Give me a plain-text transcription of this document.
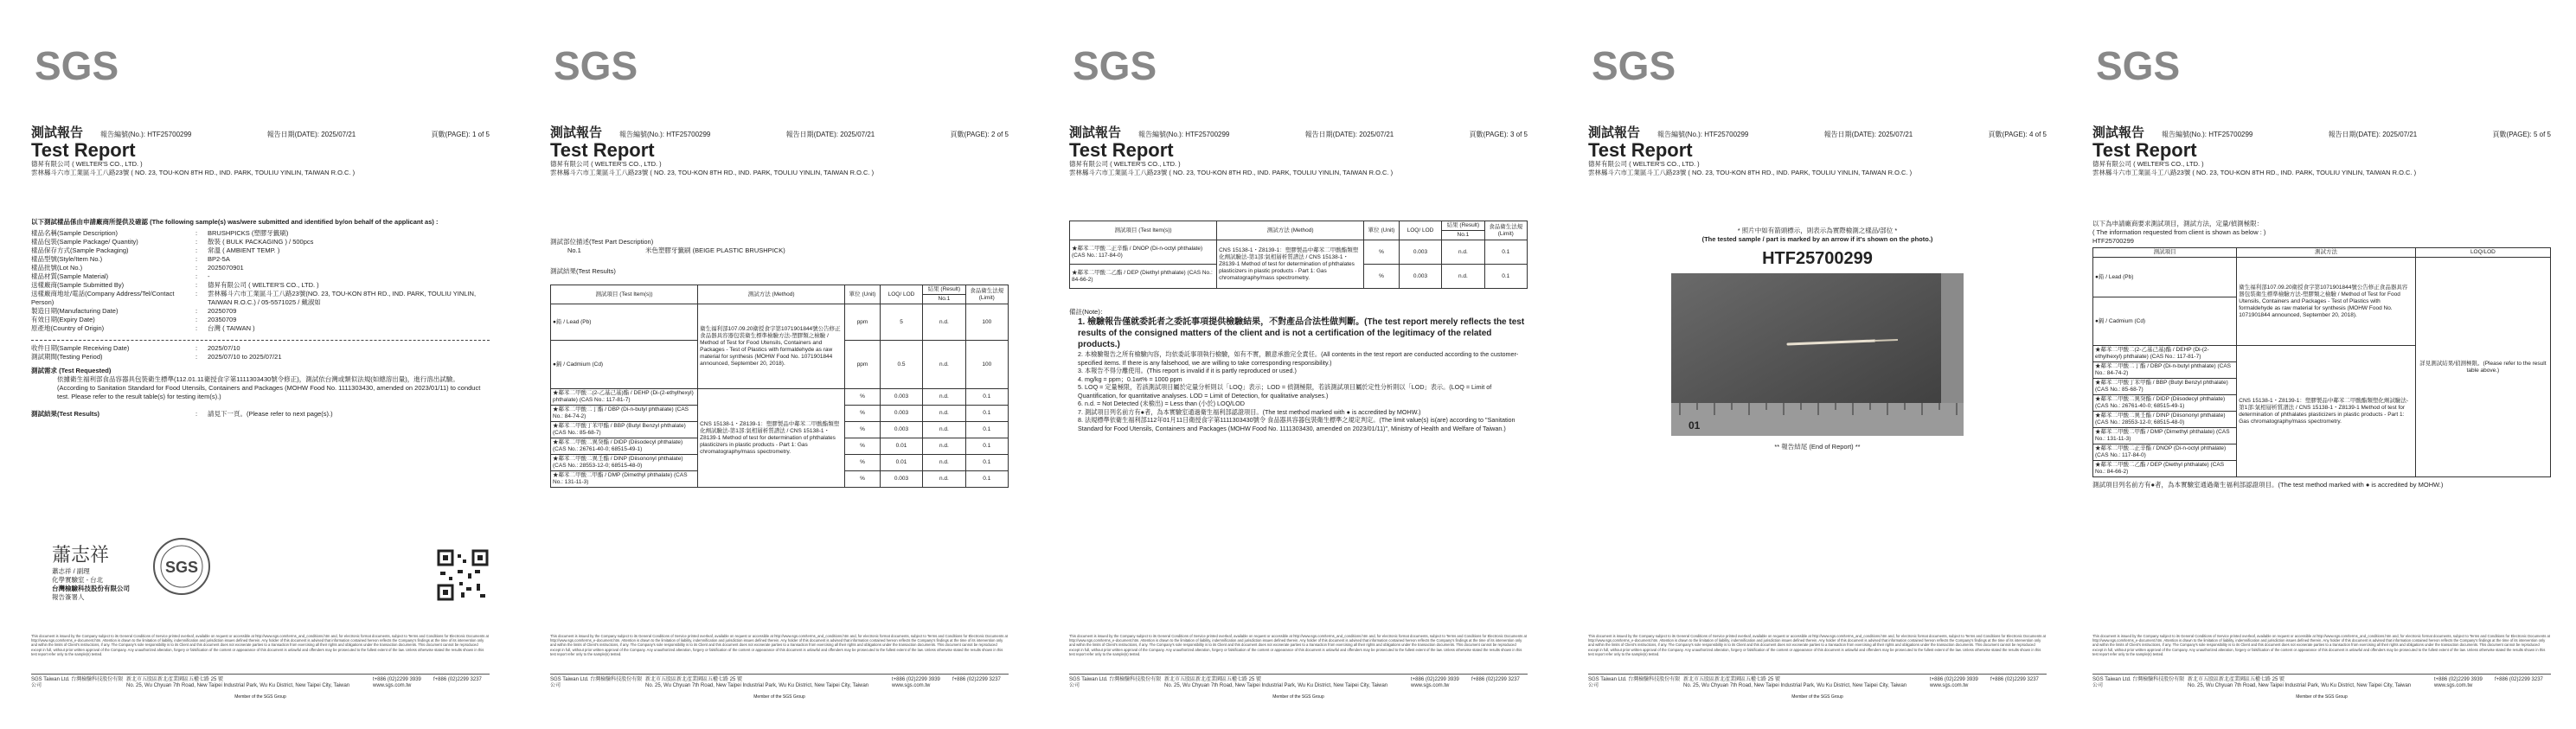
SGS
測試報告	報告編號(No.): HTF25700299	報告日期(DATE): 2025/07/21	頁數(PAGE): 1 of 5
Test Report
德昇有限公司 ( WELTER'S CO., LTD. )
雲林縣斗六市工業區斗工八路23號 ( NO. 23, TOU-KON 8TH RD., IND. PARK, TOULIU YINLIN, TAIWAN R.O.C. )
以下測試樣品係由申請廠商所提供及確認 (The following sample(s) was/were submitted and identified by/on behalf of the applicant as) :
樣品名稱(Sample Description)	:	BRUSHPICKS (塑膠牙籤刷)
樣品包裝(Sample Package/ Quantity)	:	散裝 ( BULK PACKAGING ) / 500pcs
樣品保存方式(Sample Packaging)	:	常溫 ( AMBIENT TEMP. )
樣品型號(Style/Item No.)	:	BP2-5A
樣品批號(Lot No.)	:	2025070901
樣品材質(Sample Material)	:	-
送樣廠商(Sample Submitted By)	:	德昇有限公司 ( WELTER'S CO., LTD. )
送樣廠商地址/電話(Company Address/Tel/Contact Person)
:	雲林縣斗六市工業區斗工八路23號(NO. 23, TOU-KON 8TH RD., IND. PARK, TOULIU YINLIN, TAIWAN R.O.C.) / 05-5571025 / 戴淑如
製造日期(Manufacturing Date)	:	20250709
有效日期(Expiry Date)	:	20350709
原產地(Country of Origin)	:	台灣 ( TAIWAN )
收件日期(Sample Receiving Date)	:	2025/07/10
測試期間(Testing Period)	:	2025/07/10 to 2025/07/21
測試需求 (Test Requested)
依據衛生福利部食品容器具包裝衛生標準(112.01.11衛授食字第1111303430號令修正)，測試依台灣或類似法規(如總溶出量)，進行溶出試驗。(According to Sanitation Standard for Food Utensils, Containers and Packages (MOHW Food No. 1111303430, amended on 2023/01/11) to conduct test. Please refer to the result table(s) for testing item(s).)
測試結果(Test Results)	:	請見下一頁。(Please refer to next page(s).)
蕭志祥
蕭志祥 / 副理
化學實驗室 - 台北
台灣檢驗科技股份有限公司
報告簽署人
SGS
This document is issued by the Company subject to its General Conditions of Service printed overleaf, available on request or accessible at http://www.sgs.com/terms_and_conditions.htm and, for electronic format documents, subject to Terms and Conditions for Electronic Documents at http://www.sgs.com/terms_e-document.htm. Attention is drawn to the limitation of liability, indemnification and jurisdiction issues defined therein. Any holder of this document is advised that information contained hereon reflects the Company's findings at the time of its intervention only and within the limits of Client's instructions, if any. The Company's sole responsibility is to its Client and this document does not exonerate parties to a transaction from exercising all their rights and obligations under the transaction documents. This document cannot be reproduced except in full, without prior written approval of the Company. Any unauthorized alteration, forgery or falsification of the content or appearance of this document is unlawful and offenders may be prosecuted to the fullest extent of the law. Unless otherwise stated the results shown in this test report refer only to the sample(s) tested.
SGS Taiwan Ltd. 台灣檢驗科技股份有限公司
新北市五股區新北產業園區五權七路 25 號
No. 25, Wu Chyuan 7th Road, New Taipei Industrial Park, Wu Ku District, New Taipei City, Taiwan
t+886 (02)2299 3939
www.sgs.com.tw
f+886 (02)2299 3237
Member of the SGS Group
SGS
測試報告	報告編號(No.): HTF25700299	報告日期(DATE): 2025/07/21	頁數(PAGE): 2 of 5
Test Report
德昇有限公司 ( WELTER'S CO., LTD. )
雲林縣斗六市工業區斗工八路23號 ( NO. 23, TOU-KON 8TH RD., IND. PARK, TOULIU YINLIN, TAIWAN R.O.C. )
測試部位描述(Test Part Description)
No.1	米色塑膠牙籤刷 (BEIGE PLASTIC BRUSHPICK)
測試結果(Test Results)
測試項目 (Test Item(s))	測試方法 (Method)	單位 (Unit)	LOQ/ LOD	結果 (Result)	食品衛生法規 (Limit)
				No.1	
●鉛 / Lead (Pb)	衛生福利部107.09.20衛授食字第1071901844號公告修正食品器具容器包裝衛生標準檢驗方法-塑膠類之檢驗 / Method of Test for Food Utensils, Containers and Packages - Test of Plastics with formaldehyde as raw material for synthesis (MOHW Food No. 1071901844 announced, September 20, 2018).	ppm	5	n.d.	100
●鎘 / Cadmium (Cd)		ppm	0.5	n.d.	100
★鄰苯二甲酸二(2-乙基己基)酯 / DEHP (Di-(2-ethylhexyl) phthalate) (CAS No.: 117-81-7)	CNS 15138-1・Z8139-1：塑膠製品中鄰苯二甲酸酯類塑化劑試驗法-第1部:氣相層析質譜法 / CNS 15138-1・Z8139-1 Method of test for determination of phthalates plasticizers in plastic products - Part 1: Gas chromatography/mass spectrometry.	%	0.003	n.d.	0.1
★鄰苯二甲酸二丁酯 / DBP (Di-n-butyl phthalate) (CAS No.: 84-74-2)		%	0.003	n.d.	0.1
★鄰苯二甲酸丁苯甲酯 / BBP (Butyl Benzyl phthalate) (CAS No.: 85-68-7)		%	0.003	n.d.	0.1
★鄰苯二甲酸二異癸酯 / DIDP (Diisodecyl phthalate) (CAS No.: 26761-40-0; 68515-49-1)		%	0.01	n.d.	0.1
★鄰苯二甲酸二異壬酯 / DINP (Diisononyl phthalate) (CAS No.: 28553-12-0; 68515-48-0)		%	0.01	n.d.	0.1
★鄰苯二甲酸二甲酯 / DMP (Dimethyl phthalate) (CAS No.: 131-11-3)		%	0.003	n.d.	0.1
This document is issued by the Company subject to its General Conditions of Service printed overleaf, available on request or accessible at http://www.sgs.com/terms_and_conditions.htm and, for electronic format documents, subject to Terms and Conditions for Electronic Documents at http://www.sgs.com/terms_e-document.htm. Attention is drawn to the limitation of liability, indemnification and jurisdiction issues defined therein. Any holder of this document is advised that information contained hereon reflects the Company's findings at the time of its intervention only and within the limits of Client's instructions, if any. The Company's sole responsibility is to its Client and this document does not exonerate parties to a transaction from exercising all their rights and obligations under the transaction documents. This document cannot be reproduced except in full, without prior written approval of the Company. Any unauthorized alteration, forgery or falsification of the content or appearance of this document is unlawful and offenders may be prosecuted to the fullest extent of the law. Unless otherwise stated the results shown in this test report refer only to the sample(s) tested.
SGS Taiwan Ltd. 台灣檢驗科技股份有限公司
新北市五股區新北產業園區五權七路 25 號
No. 25, Wu Chyuan 7th Road, New Taipei Industrial Park, Wu Ku District, New Taipei City, Taiwan
t+886 (02)2299 3939
www.sgs.com.tw
f+886 (02)2299 3237
Member of the SGS Group
SGS
測試報告	報告編號(No.): HTF25700299	報告日期(DATE): 2025/07/21	頁數(PAGE): 3 of 5
Test Report
德昇有限公司 ( WELTER'S CO., LTD. )
雲林縣斗六市工業區斗工八路23號 ( NO. 23, TOU-KON 8TH RD., IND. PARK, TOULIU YINLIN, TAIWAN R.O.C. )
測試項目 (Test Item(s))	測試方法 (Method)	單位 (Unit)	LOQ/ LOD	結果 (Result)	食品衛生法規 (Limit)
				No.1	
★鄰苯二甲酸二正辛酯 / DNOP (Di-n-octyl phthalate) (CAS No.: 117-84-0)	CNS 15138-1・Z8139-1：塑膠製品中鄰苯二甲酸酯類塑化劑試驗法-第1部:氣相層析質譜法 / CNS 15138-1・Z8139-1 Method of test for determination of phthalates plasticizers in plastic products - Part 1: Gas chromatography/mass spectrometry.	%	0.003	n.d.	0.1
★鄰苯二甲酸二乙酯 / DEP (Diethyl phthalate) (CAS No.: 84-66-2)		%	0.003	n.d.	0.1
備註(Note)：
1. 檢驗報告僅就委託者之委託事項提供檢驗結果，不對產品合法性做判斷。(The test report merely reflects the test results of the consigned matters of the client and is not a certification of the legitimacy of the related products.)
2. 本檢驗報告之所有檢驗內容，均依委託事項執行檢驗，如有不實，願意承擔完全責任。(All contents in the test report are conducted according to the customer-specified items. If there is any falsehood, we are willing to take corresponding responsibility.)
3. 本報告不得分離使用。(This report is invalid if it is partly reproduced or used.)
4. mg/kg = ppm；0.1wt% = 1000 ppm
5. LOQ = 定量極限，若該測試項目屬於定量分析則以「LOQ」表示；LOD = 偵測極限，若該測試項目屬於定性分析則以「LOD」表示。(LOQ = Limit of Quantification, for quantitative analyses. LOD = Limit of Detection, for qualitative analyses.)
6. n.d. = Not Detected (未檢出) = Less than (小於) LOQ/LOD
7. 測試項目列名前方有●者，為本實驗室通過衛生福利部認證項目。(The test method marked with ● is accredited by MOHW.)
8. 法規標準依衛生福利部112年01月11日衛授食字第1111303430號令 食品器具容器包裝衛生標準之規定判定。(The limit value(s) is(are) according to "Sanitation Standard for Food Utensils, Containers and Packages (MOHW Food No. 1111303430, amended on 2023/01/11)", Ministry of Health and Welfare of Taiwan.)
This document is issued by the Company subject to its General Conditions of Service printed overleaf, available on request or accessible at http://www.sgs.com/terms_and_conditions.htm and, for electronic format documents, subject to Terms and Conditions for Electronic Documents at http://www.sgs.com/terms_e-document.htm. Attention is drawn to the limitation of liability, indemnification and jurisdiction issues defined therein. Any holder of this document is advised that information contained hereon reflects the Company's findings at the time of its intervention only and within the limits of Client's instructions, if any. The Company's sole responsibility is to its Client and this document does not exonerate parties to a transaction from exercising all their rights and obligations under the transaction documents. This document cannot be reproduced except in full, without prior written approval of the Company. Any unauthorized alteration, forgery or falsification of the content or appearance of this document is unlawful and offenders may be prosecuted to the fullest extent of the law. Unless otherwise stated the results shown in this test report refer only to the sample(s) tested.
SGS Taiwan Ltd. 台灣檢驗科技股份有限公司
新北市五股區新北產業園區五權七路 25 號
No. 25, Wu Chyuan 7th Road, New Taipei Industrial Park, Wu Ku District, New Taipei City, Taiwan
t+886 (02)2299 3939
www.sgs.com.tw
f+886 (02)2299 3237
Member of the SGS Group
SGS
測試報告	報告編號(No.): HTF25700299	報告日期(DATE): 2025/07/21	頁數(PAGE): 4 of 5
Test Report
德昇有限公司 ( WELTER'S CO., LTD. )
雲林縣斗六市工業區斗工八路23號 ( NO. 23, TOU-KON 8TH RD., IND. PARK, TOULIU YINLIN, TAIWAN R.O.C. )
* 照片中如有箭頭標示，則表示為實際檢測之樣品/部位 *
(The tested sample / part is marked by an arrow if it's shown on the photo.)
HTF25700299
01
** 報告結尾 (End of Report) **
This document is issued by the Company subject to its General Conditions of Service printed overleaf, available on request or accessible at http://www.sgs.com/terms_and_conditions.htm and, for electronic format documents, subject to Terms and Conditions for Electronic Documents at http://www.sgs.com/terms_e-document.htm. Attention is drawn to the limitation of liability, indemnification and jurisdiction issues defined therein. Any holder of this document is advised that information contained hereon reflects the Company's findings at the time of its intervention only and within the limits of Client's instructions, if any. The Company's sole responsibility is to its Client and this document does not exonerate parties to a transaction from exercising all their rights and obligations under the transaction documents. This document cannot be reproduced except in full, without prior written approval of the Company. Any unauthorized alteration, forgery or falsification of the content or appearance of this document is unlawful and offenders may be prosecuted to the fullest extent of the law. Unless otherwise stated the results shown in this test report refer only to the sample(s) tested.
SGS Taiwan Ltd. 台灣檢驗科技股份有限公司
新北市五股區新北產業園區五權七路 25 號
No. 25, Wu Chyuan 7th Road, New Taipei Industrial Park, Wu Ku District, New Taipei City, Taiwan
t+886 (02)2299 3939
www.sgs.com.tw
f+886 (02)2299 3237
Member of the SGS Group
SGS
測試報告	報告編號(No.): HTF25700299	報告日期(DATE): 2025/07/21	頁數(PAGE): 5 of 5
Test Report
德昇有限公司 ( WELTER'S CO., LTD. )
雲林縣斗六市工業區斗工八路23號 ( NO. 23, TOU-KON 8TH RD., IND. PARK, TOULIU YINLIN, TAIWAN R.O.C. )
以下為申請廠商要求測試項目，測試方法，定量/偵測極限：
( The information requested from client is shown as below : )
HTF25700299
測試項目	測試方法	LOQ/LOD
●鉛 / Lead (Pb)	衛生福利部107.09.20衛授食字第1071901844號公告修正食品器具容器包裝衛生標準檢驗方法-塑膠類之檢驗 / Method of Test for Food Utensils, Containers and Packages - Test of Plastics with formaldehyde as raw material for synthesis (MOHW Food No. 1071901844 announced, September 20, 2018).	詳見測試結果/偵測極限。(Please refer to the result table above.)
●鎘 / Cadmium (Cd)		
★鄰苯二甲酸二(2-乙基己基)酯 / DEHP (Di-(2-ethylhexyl) phthalate) (CAS No.: 117-81-7)	CNS 15138-1・Z8139-1：塑膠製品中鄰苯二甲酸酯類塑化劑試驗法-第1部:氣相層析質譜法 / CNS 15138-1・Z8139-1 Method of test for determination of phthalates plasticizers in plastic products - Part 1: Gas chromatography/mass spectrometry.	
★鄰苯二甲酸二丁酯 / DBP (Di-n-butyl phthalate) (CAS No.: 84-74-2)		
★鄰苯二甲酸丁苯甲酯 / BBP (Butyl Benzyl phthalate) (CAS No.: 85-68-7)		
★鄰苯二甲酸二異癸酯 / DIDP (Diisodecyl phthalate) (CAS No.: 26761-40-0; 68515-49-1)		
★鄰苯二甲酸二異壬酯 / DINP (Diisononyl phthalate) (CAS No.: 28553-12-0; 68515-48-0)		
★鄰苯二甲酸二甲酯 / DMP (Dimethyl phthalate) (CAS No.: 131-11-3)		
★鄰苯二甲酸二正辛酯 / DNOP (Di-n-octyl phthalate) (CAS No.: 117-84-0)		
★鄰苯二甲酸二乙酯 / DEP (Diethyl phthalate) (CAS No.: 84-66-2)		
測試項目列名前方有●者，為本實驗室通過衛生福利部認證項目。(The test method marked with ● is accredited by MOHW.)
This document is issued by the Company subject to its General Conditions of Service printed overleaf, available on request or accessible at http://www.sgs.com/terms_and_conditions.htm and, for electronic format documents, subject to Terms and Conditions for Electronic Documents at http://www.sgs.com/terms_e-document.htm. Attention is drawn to the limitation of liability, indemnification and jurisdiction issues defined therein. Any holder of this document is advised that information contained hereon reflects the Company's findings at the time of its intervention only and within the limits of Client's instructions, if any. The Company's sole responsibility is to its Client and this document does not exonerate parties to a transaction from exercising all their rights and obligations under the transaction documents. This document cannot be reproduced except in full, without prior written approval of the Company. Any unauthorized alteration, forgery or falsification of the content or appearance of this document is unlawful and offenders may be prosecuted to the fullest extent of the law. Unless otherwise stated the results shown in this test report refer only to the sample(s) tested.
SGS Taiwan Ltd. 台灣檢驗科技股份有限公司
新北市五股區新北產業園區五權七路 25 號
No. 25, Wu Chyuan 7th Road, New Taipei Industrial Park, Wu Ku District, New Taipei City, Taiwan
t+886 (02)2299 3939
www.sgs.com.tw
f+886 (02)2299 3237
Member of the SGS Group
